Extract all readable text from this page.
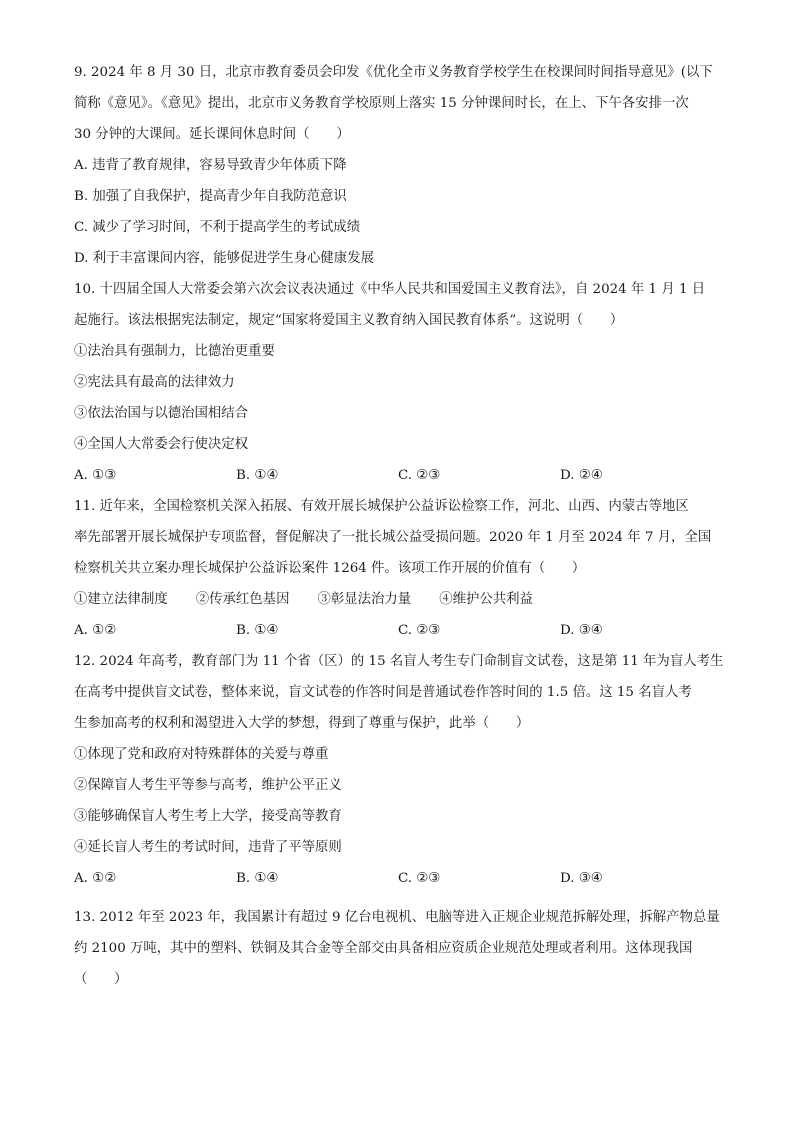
9. 2024 年 8 月 30 日，北京市教育委员会印发《优化全市义务教育学校学生在校课间时间指导意见》(以下

简称《意见》。《意见》提出，北京市义务教育学校原则上落实 15 分钟课间时长，在上、下午各安排一次

30 分钟的大课间。延长课间休息时间（　　）

A. 违背了教育规律，容易导致青少年体质下降

B. 加强了自我保护，提高青少年自我防范意识

C. 减少了学习时间，不利于提高学生的考试成绩

D. 利于丰富课间内容，能够促进学生身心健康发展

10. 十四届全国人大常委会第六次会议表决通过《中华人民共和国爱国主义教育法》，自 2024 年 1 月 1 日

起施行。该法根据宪法制定，规定“国家将爱国主义教育纳入国民教育体系”。这说明（　　）

①法治具有强制力，比德治更重要

②宪法具有最高的法律效力

③依法治国与以德治国相结合

④全国人大常委会行使决定权

A. ①③	B. ①④	C. ②③	D. ②④

11. 近年来，全国检察机关深入拓展、有效开展长城保护公益诉讼检察工作，河北、山西、内蒙古等地区

率先部署开展长城保护专项监督，督促解决了一批长城公益受损问题。2020 年 1 月至 2024 年 7 月，全国

检察机关共立案办理长城保护公益诉讼案件 1264 件。该项工作开展的价值有（　　）

①建立法律制度 ②传承红色基因 ③彰显法治力量 ④维护公共利益
A. ①②	B. ①④	C. ②③	D. ③④

12. 2024 年高考，教育部门为 11 个省（区）的 15 名盲人考生专门命制盲文试卷，这是第 11 年为盲人考生

在高考中提供盲文试卷，整体来说，盲文试卷的作答时间是普通试卷作答时间的 1.5 倍。这 15 名盲人考

生参加高考的权利和渴望进入大学的梦想，得到了尊重与保护，此举（　　）

①体现了党和政府对特殊群体的关爱与尊重

②保障盲人考生平等参与高考，维护公平正义

③能够确保盲人考生考上大学，接受高等教育

④延长盲人考生的考试时间，违背了平等原则

A. ①②	B. ①④	C. ②③	D. ③④

13. 2012 年至 2023 年，我国累计有超过 9 亿台电视机、电脑等进入正规企业规范拆解处理，拆解产物总量

约 2100 万吨，其中的塑料、铁铜及其合金等全部交由具备相应资质企业规范处理或者利用。这体现我国

（　　）
